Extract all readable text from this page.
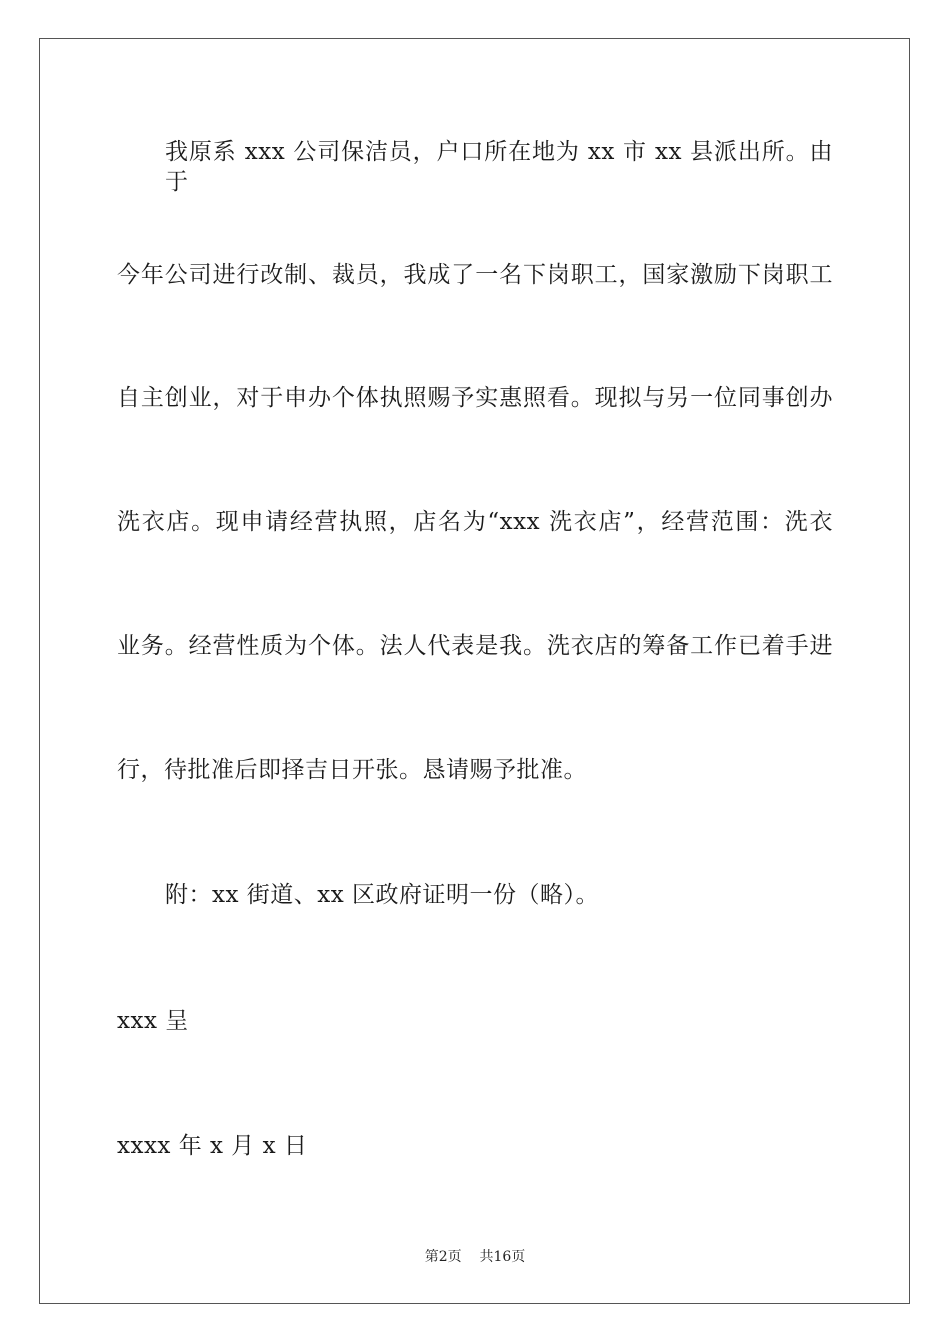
我原系 xxx 公司保洁员，户口所在地为 xx 市 xx 县派出所。由于
今年公司进行改制、裁员，我成了一名下岗职工，国家激励下岗职工
自主创业，对于申办个体执照赐予实惠照看。现拟与另一位同事创办
洗衣店。现申请经营执照，店名为“xxx 洗衣店”，经营范围：洗衣
业务。经营性质为个体。法人代表是我。洗衣店的筹备工作已着手进
行，待批准后即择吉日开张。恳请赐予批准。
附：xx 街道、xx 区政府证明一份（略）。
xxx 呈
xxxx 年 x 月 x 日
第2页 共16页
